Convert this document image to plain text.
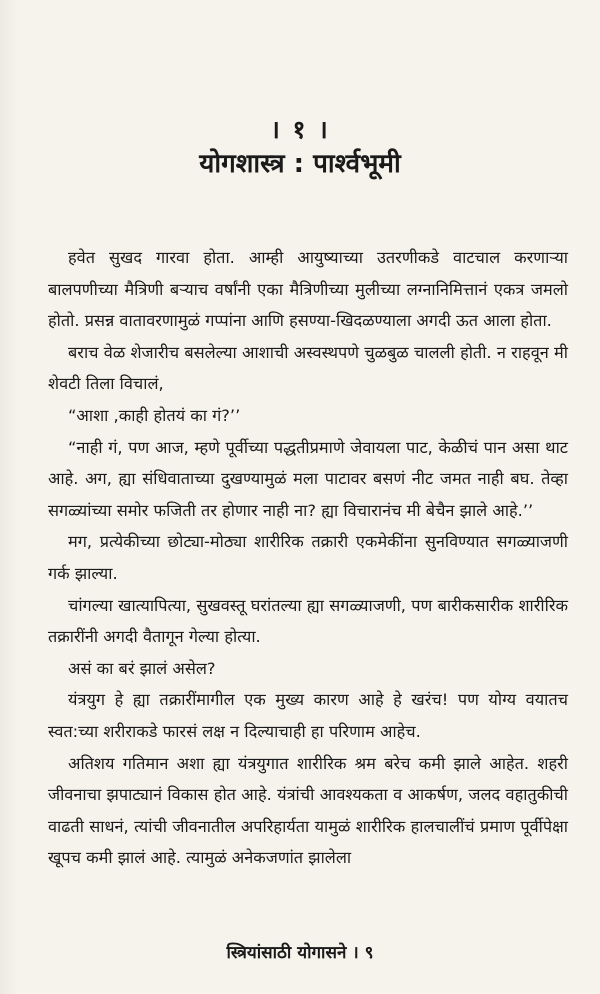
। १ ।
योगशास्त्र : पार्श्वभूमी

हवेत सुखद गारवा होता. आम्ही आयुष्याच्या उतरणीकडे वाटचाल करणाऱ्या बालपणीच्या मैत्रिणी बऱ्याच वर्षांनी एका मैत्रिणीच्या मुलीच्या लग्नानिमित्तानं एकत्र जमलो होतो. प्रसन्न वातावरणामुळं गप्पांना आणि हसण्या-खिदळण्याला अगदी ऊत आला होता.

बराच वेळ शेजारीच बसलेल्या आशाची अस्वस्थपणे चुळबुळ चालली होती. न राहवून मी शेवटी तिला विचालं,

“आशा ,काही होतयं का गं?’’

“नाही गं, पण आज, म्हणे पूर्वीच्या पद्धतीप्रमाणे जेवायला पाट, केळीचं पान असा थाट आहे. अग, ह्या संधिवाताच्या दुखण्यामुळं मला पाटावर बसणं नीट जमत नाही बघ. तेव्हा सगळ्यांच्या समोर फजिती तर होणार नाही ना? ह्या विचारानंच मी बेचैन झाले आहे.’’

मग, प्रत्येकीच्या छोट्या-मोठ्या शारीरिक तक्रारी एकमेकींना सुनविण्यात सगळ्याजणी गर्क झाल्या.

चांगल्या खात्यापित्या, सुखवस्तू घरांतल्या ह्या सगळ्याजणी, पण बारीकसारीक शारीरिक तक्रारींनी अगदी वैतागून गेल्या होत्या.

असं का बरं झालं असेल?

यंत्रयुग हे ह्या तक्रारींमागील एक मुख्य कारण आहे हे खरंच! पण योग्य वयातच स्वत:च्या शरीराकडे फारसं लक्ष न दिल्याचाही हा परिणाम आहेच.

अतिशय गतिमान अशा ह्या यंत्रयुगात शारीरिक श्रम बरेच कमी झाले आहेत. शहरी जीवनाचा झपाट्यानं विकास होत आहे. यंत्रांची आवश्यकता व आकर्षण, जलद वहातुकीची वाढती साधनं, त्यांची जीवनातील अपरिहार्यता यामुळं शारीरिक हालचालींचं प्रमाण पूर्वीपेक्षा खूपच कमी झालं आहे. त्यामुळं अनेकजणांत झालेला

स्त्रियांसाठी योगासने । ९
